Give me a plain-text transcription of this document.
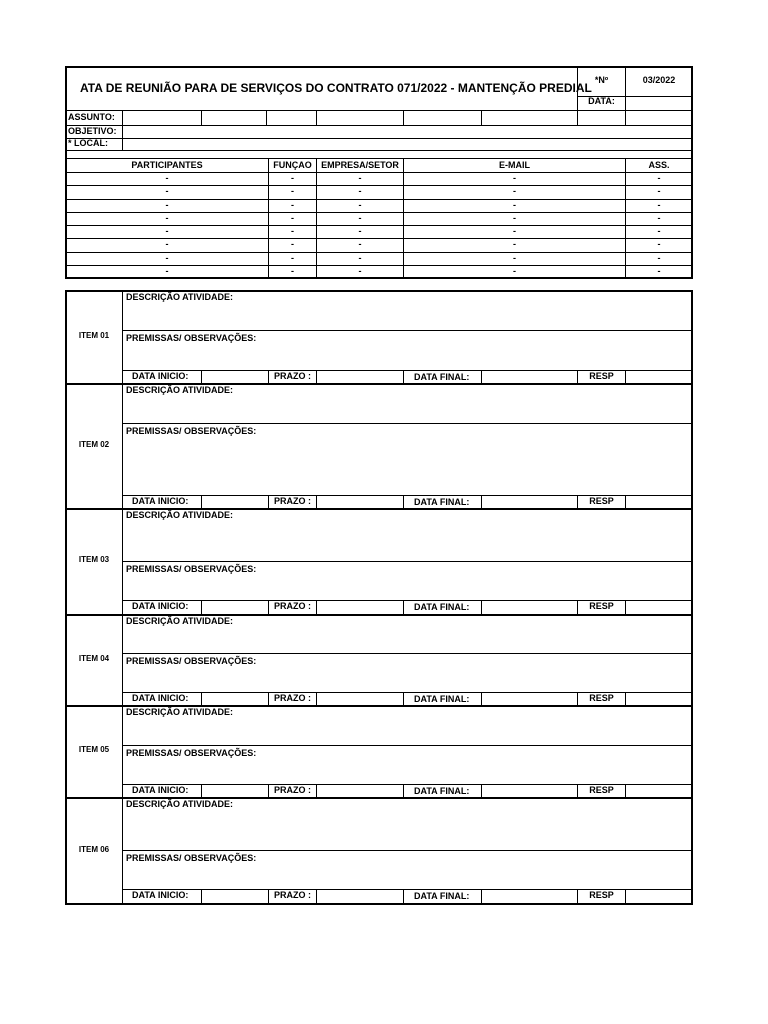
ATA DE REUNIÃO PARA DE SERVIÇOS DO CONTRATO 071/2022 - MANTENÇÃO PREDIAL
*Nº	03/2022
DATA:
ASSUNTO:
OBJETIVO:
* LOCAL:
PARTICIPANTES	FUNÇAO	EMPRESA/SETOR	E-MAIL	ASS.
-	-	-	-	-
-	-	-	-	-
-	-	-	-	-
-	-	-	-	-
-	-	-	-	-
-	-	-	-	-
-	-	-	-	-
-	-	-	-	-
ITEM 01
DESCRIÇÃO ATIVIDADE:
PREMISSAS/ OBSERVAÇÕES:
DATA INICIO:	PRAZO :	DATA FINAL:	RESP
ITEM 02
DESCRIÇÃO ATIVIDADE:
PREMISSAS/ OBSERVAÇÕES:
DATA INICIO:	PRAZO :	DATA FINAL:	RESP
ITEM 03
DESCRIÇÃO ATIVIDADE:
PREMISSAS/ OBSERVAÇÕES:
DATA INICIO:	PRAZO :	DATA FINAL:	RESP
ITEM 04
DESCRIÇÃO ATIVIDADE:
PREMISSAS/ OBSERVAÇÕES:
DATA INICIO:	PRAZO :	DATA FINAL:	RESP
ITEM 05
DESCRIÇÃO ATIVIDADE:
PREMISSAS/ OBSERVAÇÕES:
DATA INICIO:	PRAZO :	DATA FINAL:	RESP
ITEM 06
DESCRIÇÃO ATIVIDADE:
PREMISSAS/ OBSERVAÇÕES:
DATA INICIO:	PRAZO :	DATA FINAL:	RESP
